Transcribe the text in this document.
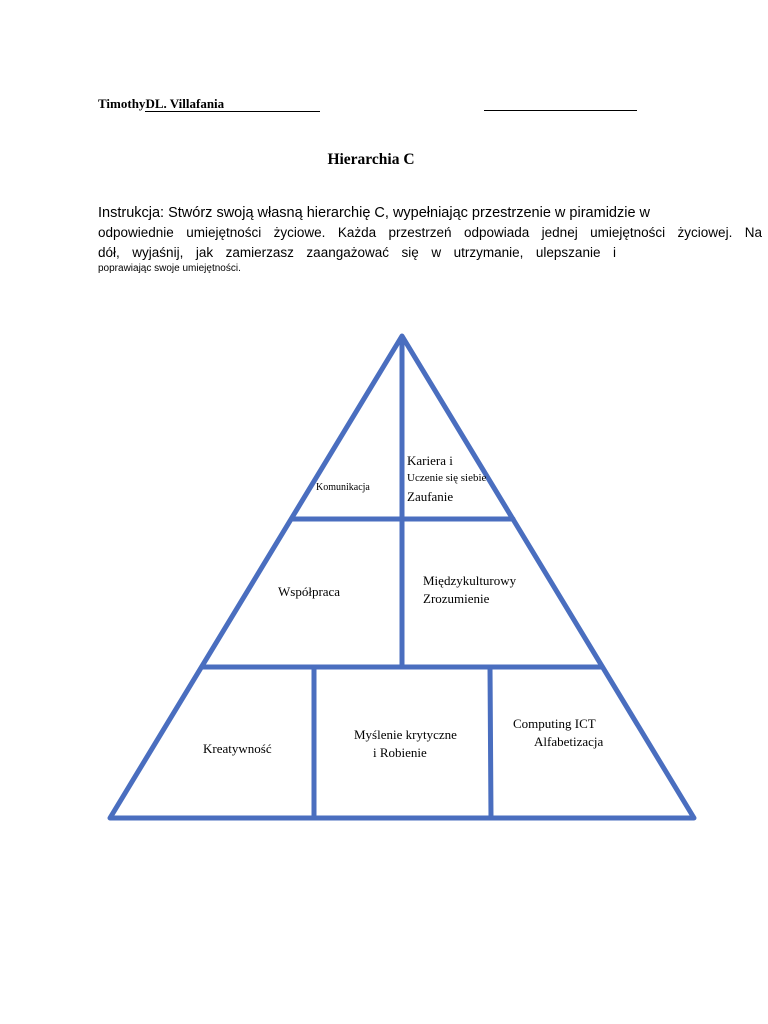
TimothyDL. Villafania
Hierarchia C
Instrukcja: Stwórz swoją własną hierarchię C, wypełniając przestrzenie w piramidzie w
odpowiednie umiejętności życiowe. Każda przestrzeń odpowiada jednej umiejętności życiowej. Na
dół, wyjaśnij, jak zamierzasz zaangażować się w utrzymanie, ulepszanie i
poprawiając swoje umiejętności.
Komunikacja
Kariera i
Uczenie się siebie
Zaufanie
Współpraca
Międzykulturowy
Zrozumienie
Kreatywność
Myślenie krytyczne
i Robienie
Computing ICT
Alfabetizacja
